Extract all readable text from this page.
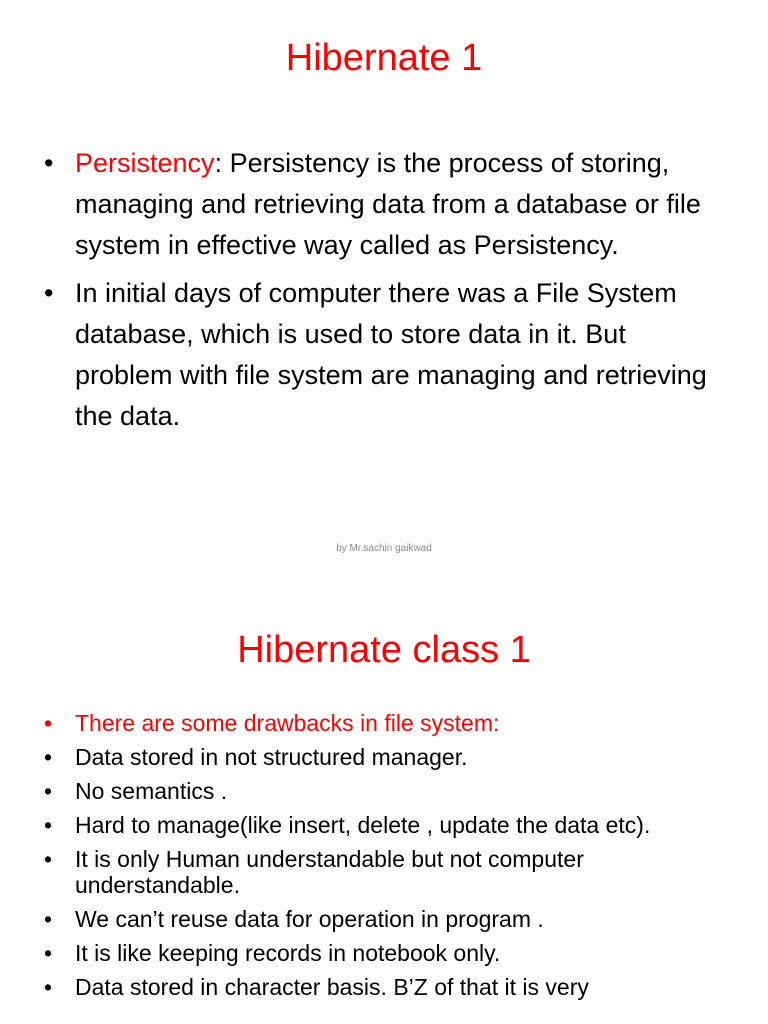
Hibernate 1
• Persistency: Persistency is the process of storing, managing and retrieving data from a database or file system in effective way called as Persistency.
• In initial days of computer there was a File System database, which is used to store data in it. But problem with file system are managing and retrieving the data.
by Mr.sachin gaikwad
Hibernate class 1
• There are some drawbacks in file system:
• Data stored in not structured manager.
• No semantics .
• Hard to manage(like insert, delete , update the data etc).
• It is only Human understandable but not computer understandable.
• We can’t reuse data for operation in program .
• It is like keeping records in notebook only.
• Data stored in character basis. B’Z of that it is very
